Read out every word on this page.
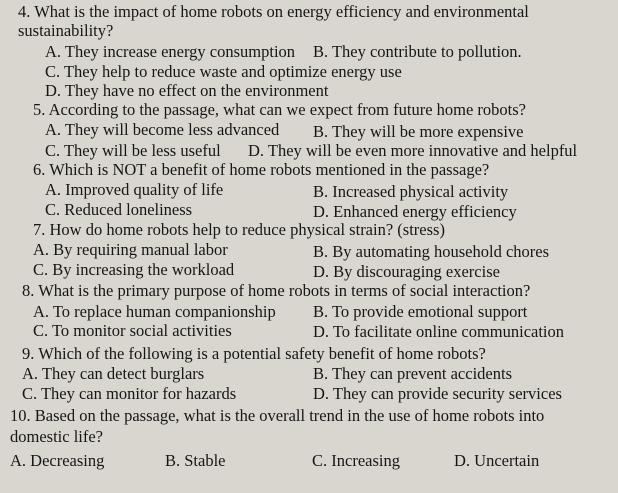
4. What is the impact of home robots on energy efficiency and environmental
sustainability?
A. They increase energy consumption B. They contribute to pollution.
C. They help to reduce waste and optimize energy use
D. They have no effect on the environment
5. According to the passage, what can we expect from future home robots?
A. They will become less advanced B. They will be more expensive
C. They will be less useful D. They will be even more innovative and helpful
6. Which is NOT a benefit of home robots mentioned in the passage?
A. Improved quality of life	B. Increased physical activity
C. Reduced loneliness	D. Enhanced energy efficiency
7. How do home robots help to reduce physical strain? (stress)
A. By requiring manual labor	B. By automating household chores
C. By increasing the workload	D. By discouraging exercise
8. What is the primary purpose of home robots in terms of social interaction?
A. To replace human companionship B. To provide emotional support
C. To monitor social activities	D. To facilitate online communication
9. Which of the following is a potential safety benefit of home robots?
A. They can detect burglars	B. They can prevent accidents
C. They can monitor for hazards	D. They can provide security services
10. Based on the passage, what is the overall trend in the use of home robots into
domestic life?
A. Decreasing	B. Stable	C. Increasing	D. Uncertain
